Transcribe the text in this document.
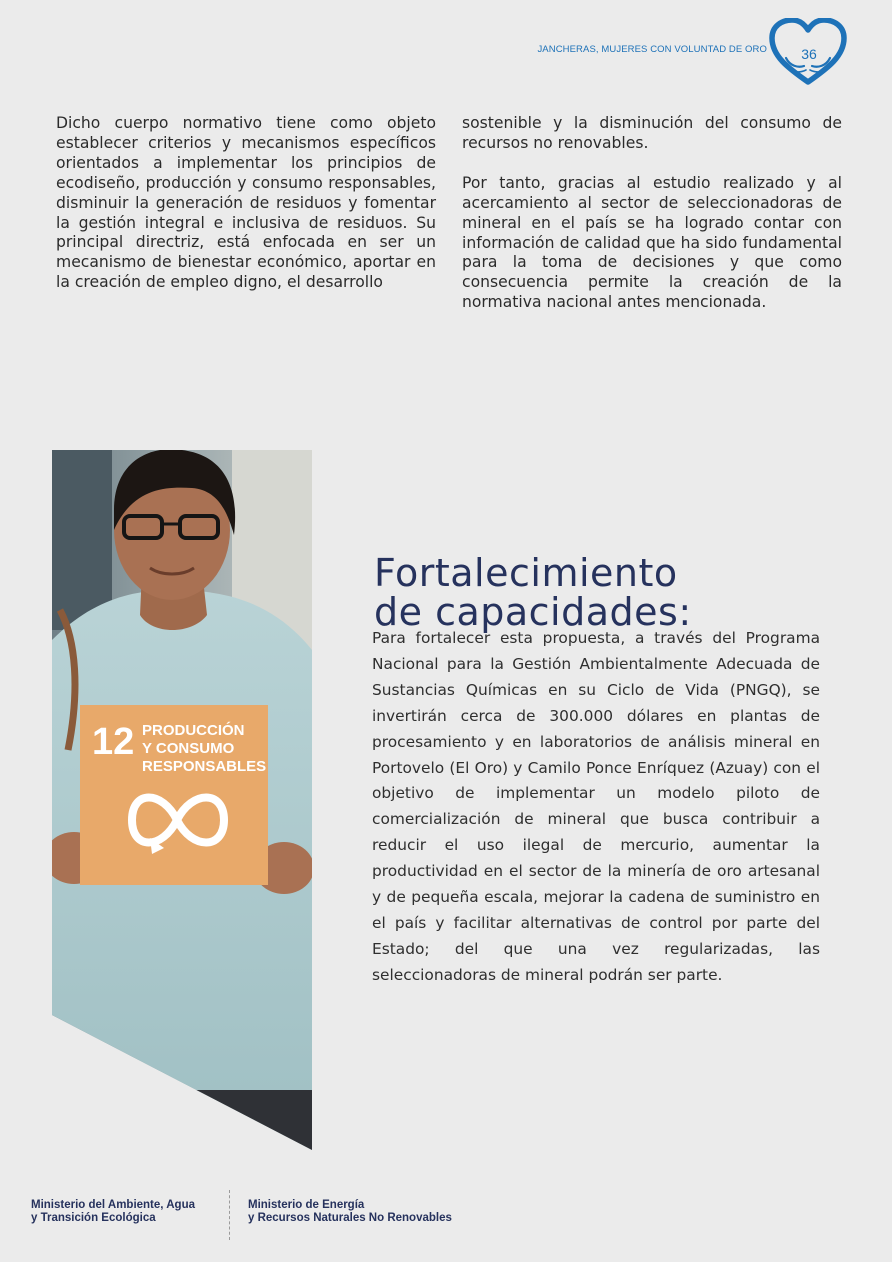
JANCHERAS, MUJERES CON VOLUNTAD DE ORO	36

Dicho cuerpo normativo tiene como objeto establecer criterios y mecanismos específicos orientados a implementar los principios de ecodiseño, producción y consumo responsables, disminuir la generación de residuos y fomentar la gestión integral e inclusiva de residuos. Su principal directriz, está enfocada en ser un mecanismo de bienestar económico, aportar en la creación de empleo digno, el desarrollo

sostenible y la disminución del consumo de recursos no renovables.

Por tanto, gracias al estudio realizado y al acercamiento al sector de seleccionadoras de mineral en el país se ha logrado contar con información de calidad que ha sido fundamental para la toma de decisiones y que como consecuencia permite la creación de la normativa nacional antes mencionada.

12 PRODUCCIÓN
Y CONSUMO
RESPONSABLES
Fortalecimiento
de capacidades:
Para fortalecer esta propuesta, a través del Programa Nacional para la Gestión Ambientalmente Adecuada de Sustancias Químicas en su Ciclo de Vida (PNGQ), se invertirán cerca de 300.000 dólares en plantas de procesamiento y en laboratorios de análisis mineral en Portovelo (El Oro) y Camilo Ponce Enríquez (Azuay) con el objetivo de implementar un modelo piloto de comercialización de mineral que busca contribuir a reducir el uso ilegal de mercurio, aumentar la productividad en el sector de la minería de oro artesanal y de pequeña escala, mejorar la cadena de suministro en el país y facilitar alternativas de control por parte del Estado; del que una vez regularizadas, las seleccionadoras de mineral podrán ser parte.
Ministerio del Ambiente, Agua
y Transición Ecológica
Ministerio de Energía
y Recursos Naturales No Renovables
